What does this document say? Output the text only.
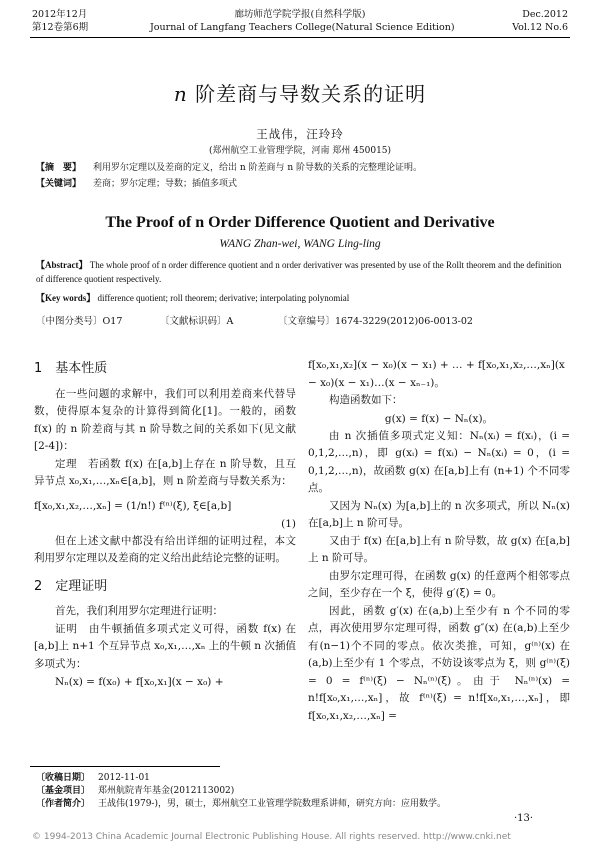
2012年12月
第12卷第6期
廊坊师范学院学报(自然科学版)
Journal of Langfang Teachers College(Natural Science Edition)
Dec.2012
Vol.12 No.6
n 阶差商与导数关系的证明
王战伟，汪玲玲
(郑州航空工业管理学院，河南 郑州 450015)
【摘　要】 利用罗尔定理以及差商的定义，给出 n 阶差商与 n 阶导数的关系的完整理论证明。
【关键词】 差商；罗尔定理；导数；插值多项式
The Proof of n Order Difference Quotient and Derivative
WANG Zhan-wei, WANG Ling-ling
【Abstract】 The whole proof of n order difference quotient and n order derivativer was presented by use of the Rollt theorem and the definition of difference quotient respectively.
【Key words】 difference quotient; roll theorem; derivative; interpolating polynomial
〔中图分类号〕O17	〔文献标识码〕A	〔文章编号〕1674-3229(2012)06-0013-02
1　基本性质

在一些问题的求解中，我们可以利用差商来代替导数，使得原本复杂的计算得到简化[1]。一般的，函数 f(x) 的 n 阶差商与其 n 阶导数之间的关系如下(见文献[2-4])：

定理　若函数 f(x) 在[a,b]上存在 n 阶导数，且互异节点 x₀,x₁,…,xₙ∈[a,b]，则 n 阶差商与导数关系为：

f[x₀,x₁,x₂,…,xₙ] = (1/n!) f⁽ⁿ⁾(ξ), ξ∈[a,b]

(1)

但在上述文献中都没有给出详细的证明过程，本文利用罗尔定理以及差商的定义给出此结论完整的证明。

2　定理证明

首先，我们利用罗尔定理进行证明：

证明　由牛顿插值多项式定义可得，函数 f(x) 在[a,b]上 n+1 个互异节点 x₀,x₁,…,xₙ 上的牛顿 n 次插值多项式为：

Nₙ(x) = f(x₀) + f[x₀,x₁](x − x₀) +

f[x₀,x₁,x₂](x − x₀)(x − x₁) + … + f[x₀,x₁,x₂,…,xₙ](x − x₀)(x − x₁)…(x − xₙ₋₁)。

构造函数如下：

g(x) = f(x) − Nₙ(x)。

由 n 次插值多项式定义知：Nₙ(xᵢ) = f(xᵢ)，(i = 0,1,2,…,n)，即 g(xᵢ) = f(xᵢ) − Nₙ(xᵢ) = 0，(i = 0,1,2,…,n)，故函数 g(x) 在[a,b]上有 (n+1) 个不同零点。

又因为 Nₙ(x) 为[a,b]上的 n 次多项式，所以 Nₙ(x) 在[a,b]上 n 阶可导。

又由于 f(x) 在[a,b]上有 n 阶导数，故 g(x) 在[a,b]上 n 阶可导。

由罗尔定理可得，在函数 g(x) 的任意两个相邻零点之间，至少存在一个 ξ，使得 g′(ξ) = 0。

因此，函数 g′(x) 在(a,b)上至少有 n 个不同的零点，再次使用罗尔定理可得，函数 g″(x) 在(a,b)上至少有(n−1)个不同的零点。依次类推，可知，g⁽ⁿ⁾(x) 在(a,b)上至少有 1 个零点，不妨设该零点为 ξ，则 g⁽ⁿ⁾(ξ) = 0 = f⁽ⁿ⁾(ξ) − Nₙ⁽ⁿ⁾(ξ)。由于 Nₙ⁽ⁿ⁾(x) = n!f[x₀,x₁,…,xₙ]，故 f⁽ⁿ⁾(ξ) = n!f[x₀,x₁,…,xₙ]，即 f[x₀,x₁,x₂,…,xₙ] =

〔收稿日期〕 2012-11-01
〔基金项目〕 郑州航院青年基金(2012113002)
〔作者简介〕 王战伟(1979-)，男，硕士，郑州航空工业管理学院数理系讲师，研究方向：应用数学。
·13·
© 1994-2013 China Academic Journal Electronic Publishing House. All rights reserved. http://www.cnki.net
